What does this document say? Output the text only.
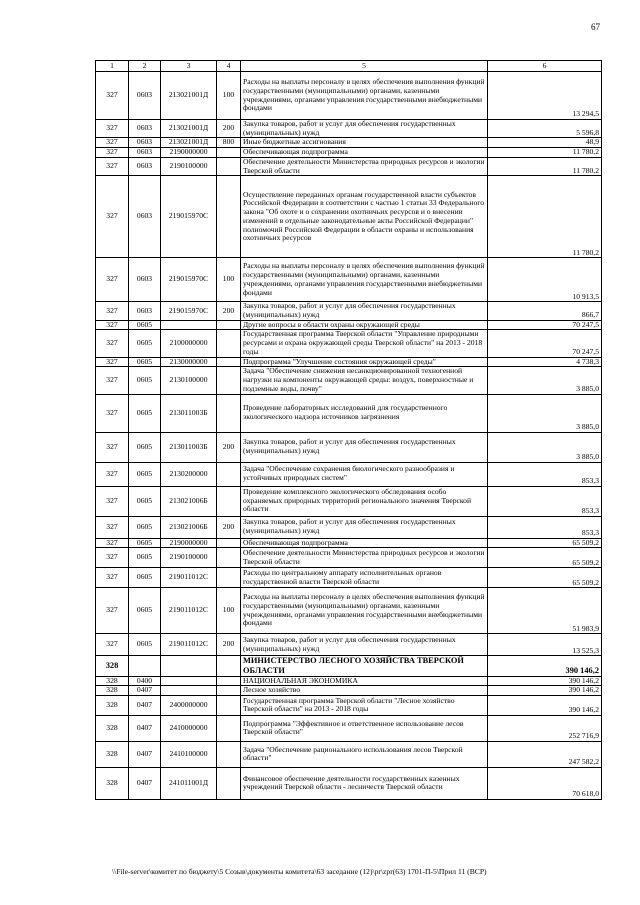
67
1	2	3	4	5	6
327	0603	213021001Д	100	Расходы на выплаты персоналу в целях обеспечения выполнения функций государственными (муниципальными) органами, казенными учреждениями, органами управления государственными внебюджетными фондами	13 294,5
327	0603	213021001Д	200	Закупка товаров, работ и услуг для обеспечения государственных (муниципальных) нужд	5 596,8
327	0603	213021001Д	800	Иные бюджетные ассигнования	48,9
327	0603	2190000000		Обеспечивающая подпрограмма	11 780,2
327	0603	2190100000		Обеспечение деятельности Министерства природных ресурсов и экологии Тверской области	11 780,2
327	0603	219015970С		Осуществление переданных органам государственной власти субъектов Российской Федерации в соответствии с частью 1 статьи 33 Федерального закона "Об охоте и о сохранении охотничьих ресурсов и о внесении изменений в отдельные законодательные акты Российской Федерации" полномочий Российской Федерации в области охраны и использования охотничьих ресурсов	11 780,2
327	0603	219015970С	100	Расходы на выплаты персоналу в целях обеспечения выполнения функций государственными (муниципальными) органами, казенными учреждениями, органами управления государственными внебюджетными фондами	10 913,5
327	0603	219015970С	200	Закупка товаров, работ и услуг для обеспечения государственных (муниципальных) нужд	866,7
327	0605			Другие вопросы в области охраны окружающей среды	70 247,5
327	0605	2100000000		Государственная программа Тверской области "Управление природными ресурсами и охрана окружающей среды Тверской области" на 2013 - 2018 годы	70 247,5
327	0605	2130000000		Подпрограмма "Улучшение состояния окружающей среды"	4 738,3
327	0605	2130100000		Задача "Обеспечение снижения несанкционированной техногенной нагрузки на компоненты окружающей среды: воздух, поверхностные и подземные воды, почву"	3 885,0
327	0605	213011003Б		Проведение лабораторных исследований для государственного экологического надзора источников загрязнения	3 885,0
327	0605	213011003Б	200	Закупка товаров, работ и услуг для обеспечения государственных (муниципальных) нужд	3 885,0
327	0605	2130200000		Задача "Обеспечение сохранения биологического разнообразия и устойчивых природных систем"	853,3
327	0605	213021006Б		Проведение комплексного экологического обследования особо охраняемых природных территорий регионального значения Тверской области	853,3
327	0605	213021006Б	200	Закупка товаров, работ и услуг для обеспечения государственных (муниципальных) нужд	853,3
327	0605	2190000000		Обеспечивающая подпрограмма	65 509,2
327	0605	2190100000		Обеспечение деятельности Министерства природных ресурсов и экологии Тверской области	65 509,2
327	0605	219011012С		Расходы по центральному аппарату исполнительных органов государственной власти Тверской области	65 509,2
327	0605	219011012С	100	Расходы на выплаты персоналу в целях обеспечения выполнения функций государственными (муниципальными) органами, казенными учреждениями, органами управления государственными внебюджетными фондами	51 983,9
327	0605	219011012С	200	Закупка товаров, работ и услуг для обеспечения государственных (муниципальных) нужд	13 525,3
328				МИНИСТЕРСТВО ЛЕСНОГО ХОЗЯЙСТВА ТВЕРСКОЙ ОБЛАСТИ	390 146,2
328	0400			НАЦИОНАЛЬНАЯ ЭКОНОМИКА	390 146,2
328	0407			Лесное хозяйство	390 146,2
328	0407	2400000000		Государственная программа Тверской области "Лесное хозяйство Тверской области" на 2013 - 2018 годы	390 146,2
328	0407	2410000000		Подпрограмма "Эффективное и ответственное использование лесов Тверской области"	252 716,9
328	0407	2410100000		Задача "Обеспечение рационального использования лесов Тверской области"	247 582,2
328	0407	241011001Д		Финансовое обеспечение деятельности государственных казенных учреждений Тверской области - лесничеств Тверской области	70 618,0
\\File-server\комитет по бюджету\5 Созыв\документы комитета\63 заседание (12)\pr\zpr(63) 1701-П-5\Прил 11 (ВСР)
